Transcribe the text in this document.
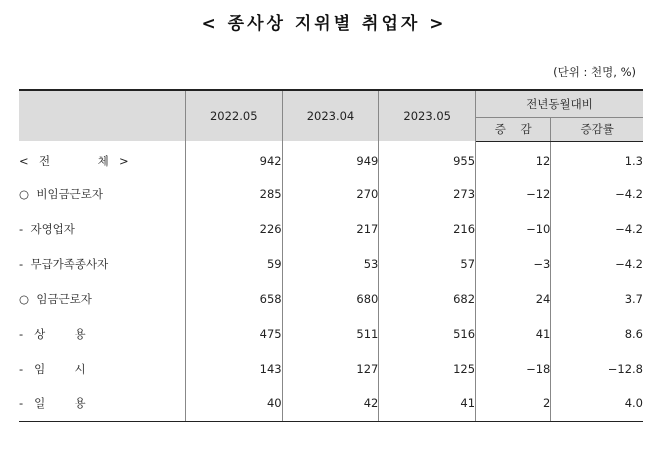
< 종사상 지위별 취업자 >
(단위 : 천명, %)
	2022.05	2023.04	2023.05	전년동월대비	
				증    감	증감률
<  전          체  >	942	949	955	12	1.3
○  비임금근로자	285	270	273	−12	−4.2
-  자영업자	226	217	216	−10	−4.2
-  무급가족종사자	59	53	57	−3	−4.2
○  임금근로자	658	680	682	24	3.7
-   상        용	475	511	516	41	8.6
-   임        시	143	127	125	−18	−12.8
-   일        용	40	42	41	2	4.0
